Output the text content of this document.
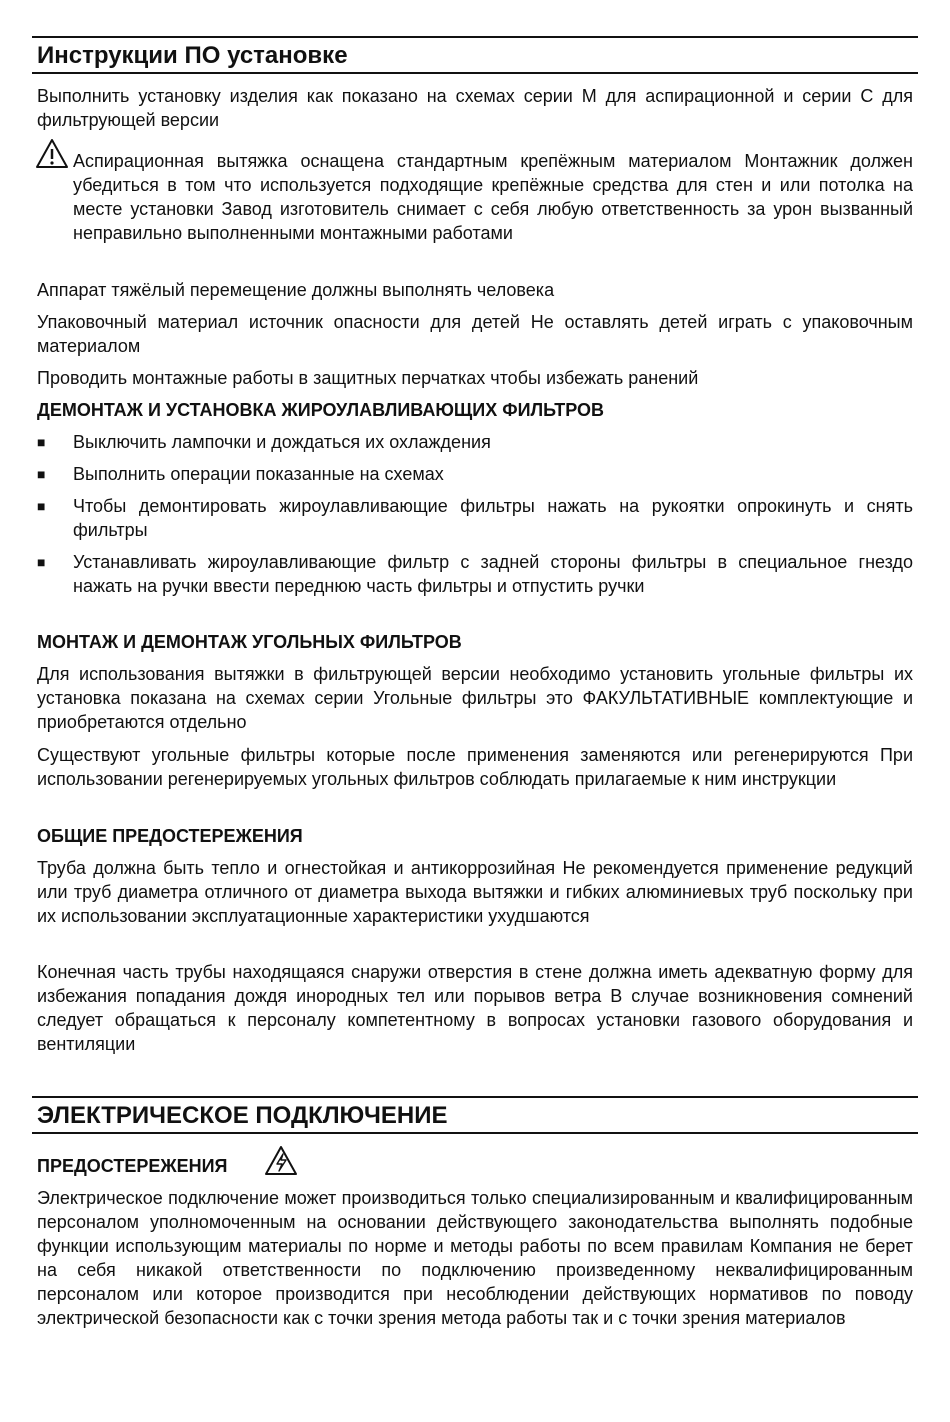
Инструкции ПО установке

Выполнить установку изделия как показано на схемах серии M для аспирационной и серии C для фильтрующей версии

Аспирационная вытяжка оснащена стандартным крепёжным материалом Монтажник должен убедиться в том что используется подходящие крепёжные средства для стен и или потолка на месте установки Завод изготовитель снимает с себя любую ответственность за урон вызванный неправильно выполненными монтажными работами

Аппарат тяжёлый перемещение должны выполнять человека

Упаковочный материал источник опасности для детей Не оставлять детей играть с упаковочным материалом

Проводить монтажные работы в защитных перчатках чтобы избежать ранений

ДЕМОНТАЖ И УСТАНОВКА ЖИРОУЛАВЛИВАЮЩИХ ФИЛЬТРОВ

■ Выключить лампочки и дождаться их охлаждения

■ Выполнить операции показанные на схемах

■ Чтобы демонтировать жироулавливающие фильтры нажать на рукоятки опрокинуть и снять фильтры

■ Устанавливать жироулавливающие фильтр с задней стороны фильтры в специальное гнездо нажать на ручки ввести переднюю часть фильтры и отпустить ручки

МОНТАЖ И ДЕМОНТАЖ УГОЛЬНЫХ ФИЛЬТРОВ

Для использования вытяжки в фильтрующей версии необходимо установить угольные фильтры их установка показана на схемах серии Угольные фильтры это ФАКУЛЬТАТИВНЫЕ комплектующие и приобретаются отдельно

Существуют угольные фильтры которые после применения заменяются или регенерируются При использовании регенерируемых угольных фильтров соблюдать прилагаемые к ним инструкции

ОБЩИЕ ПРЕДОСТЕРЕЖЕНИЯ

Труба должна быть тепло и огнестойкая и антикоррозийная Не рекомендуется применение редукций или труб диаметра отличного от диаметра выхода вытяжки и гибких алюминиевых труб поскольку при их использовании эксплуатационные характеристики ухудшаются

Конечная часть трубы находящаяся снаружи отверстия в стене должна иметь адекватную форму для избежания попадания дождя инородных тел или порывов ветра В случае возникновения сомнений следует обращаться к персоналу компетентному в вопросах установки газового оборудования и вентиляции

ЭЛЕКТРИЧЕСКОЕ ПОДКЛЮЧЕНИЕ

ПРЕДОСТЕРЕЖЕНИЯ

Электрическое подключение может производиться только специализированным и квалифицированным персоналом уполномоченным на основании действующего законодательства выполнять подобные функции использующим материалы по норме и методы работы по всем правилам Компания не берет на себя никакой ответственности по подключению произведенному неквалифицированным персоналом или которое производится при несоблюдении действующих нормативов по поводу электрической безопасности как с точки зрения метода работы так и с точки зрения материалов
